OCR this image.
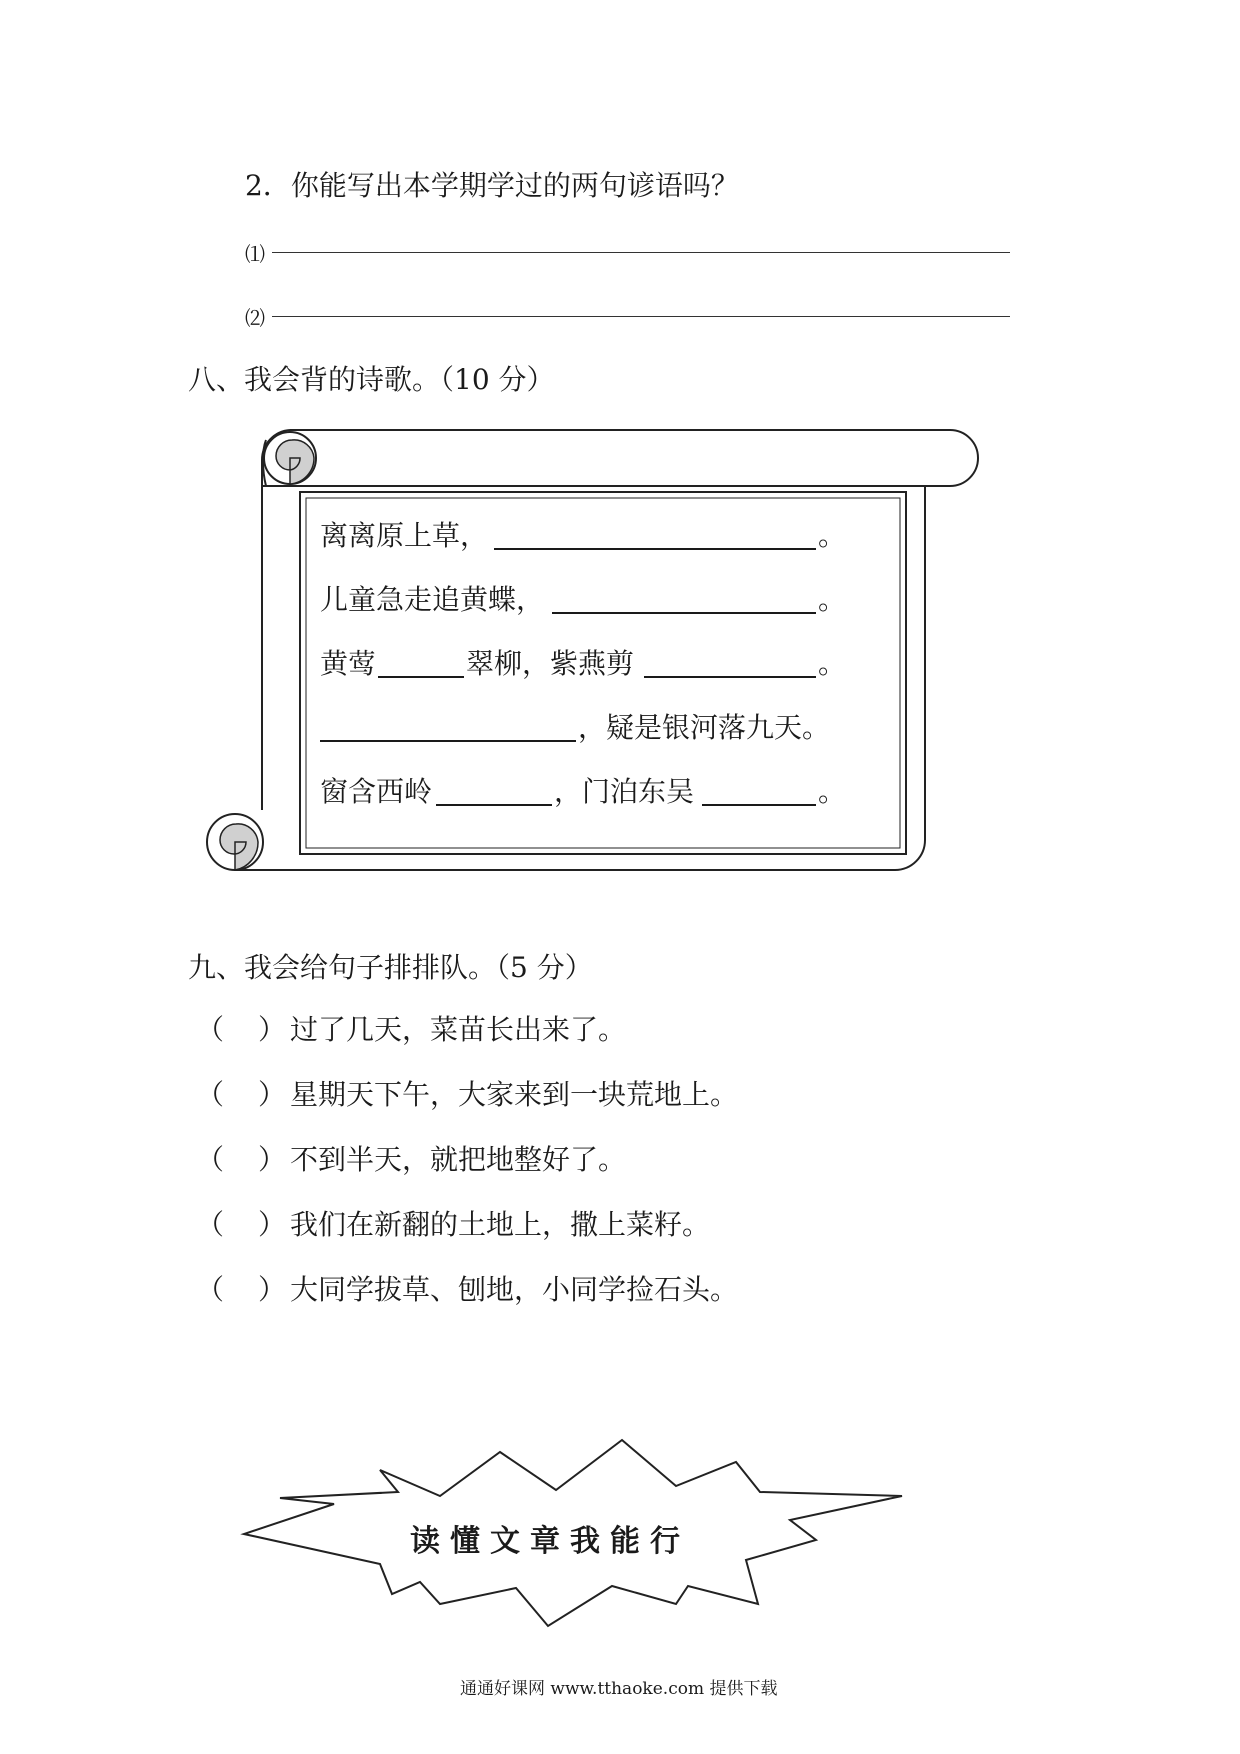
2．你能写出本学期学过的两句谚语吗？
⑴
⑵
八、我会背的诗歌。（10 分）
离离原上草，	。
儿童急走追黄蝶，	。
黄莺	翠柳，紫燕剪	。
，疑是银河落九天。
窗含西岭	，门泊东吴	。
九、我会给句子排排队。（5 分）
（ ） 过了几天，菜苗长出来了。
（ ） 星期天下午，大家来到一块荒地上。
（ ） 不到半天，就把地整好了。
（ ） 我们在新翻的土地上，撒上菜籽。
（ ） 大同学拔草、刨地，小同学捡石头。
读懂文章我能行
通通好课网 www.tthaoke.com 提供下载
